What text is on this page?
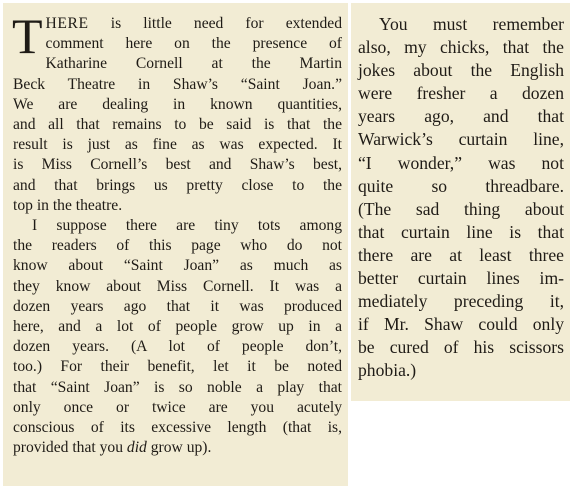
T HERE is little need for extended
comment here on the presence of
Katharine Cornell at the Martin
Beck Theatre in Shaw’s “Saint Joan.”
We are dealing in known quantities,
and all that remains to be said is that the
result is just as fine as was expected. It
is Miss Cornell’s best and Shaw’s best,
and that brings us pretty close to the
top in the theatre.
I suppose there are tiny tots among
the readers of this page who do not
know about “Saint Joan” as much as
they know about Miss Cornell. It was a
dozen years ago that it was produced
here, and a lot of people grow up in a
dozen years. (A lot of people don’t,
too.) For their benefit, let it be noted
that “Saint Joan” is so noble a play that
only once or twice are you acutely
conscious of its excessive length (that is,
provided that you did grow up).
You must remember
also, my chicks, that the
jokes about the English
were fresher a dozen
years ago, and that
Warwick’s curtain line,
“I wonder,” was not
quite so threadbare.
(The sad thing about
that curtain line is that
there are at least three
better curtain lines im-
mediately preceding it,
if Mr. Shaw could only
be cured of his scissors
phobia.)
